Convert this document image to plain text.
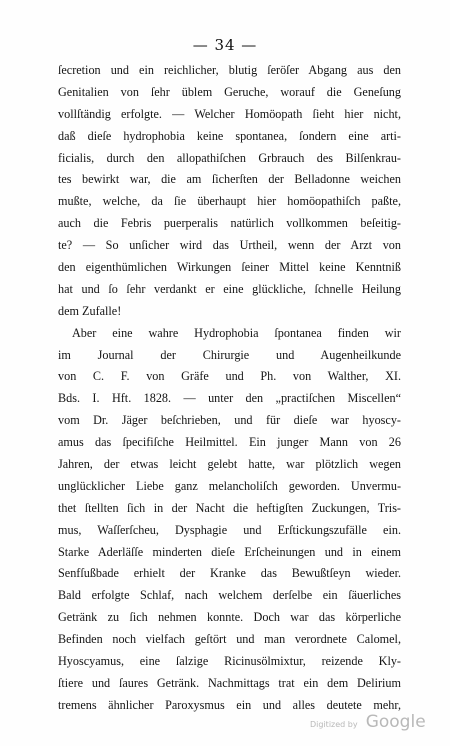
— 34 —
ſecretion und ein reichlicher, blutig ſeröſer Abgang aus den
Genitalien von ſehr üblem Geruche, worauf die Geneſung
vollſtändig erfolgte. — Welcher Homöopath ſieht hier nicht,
daß dieſe hydrophobia keine spontanea, ſondern eine arti-
ficialis, durch den allopathiſchen Grbrauch des Bilſenkrau-
tes bewirkt war, die am ſicherſten der Belladonne weichen
mußte, welche, da ſie überhaupt hier homöopathiſch paßte,
auch die Febris puerperalis natürlich vollkommen beſeitig-
te? — So unſicher wird das Urtheil, wenn der Arzt von
den eigenthümlichen Wirkungen ſeiner Mittel keine Kenntniß
hat und ſo ſehr verdankt er eine glückliche, ſchnelle Heilung
dem Zufalle!
Aber eine wahre Hydrophobia ſpontanea finden wir
im Journal der Chirurgie und Augenheilkunde
von C. F. von Gräfe und Ph. von Walther, XI.
Bds. I. Hft. 1828. — unter den „practiſchen Miscellen“
vom Dr. Jäger beſchrieben, und für dieſe war hyoscy-
amus das ſpecifiſche Heilmittel. Ein junger Mann von 26
Jahren, der etwas leicht gelebt hatte, war plötzlich wegen
unglücklicher Liebe ganz melancholiſch geworden. Unvermu-
thet ſtellten ſich in der Nacht die heftigſten Zuckungen, Tris-
mus, Waſſerſcheu, Dysphagie und Erſtickungszufälle ein.
Starke Aderläſſe minderten dieſe Erſcheinungen und in einem
Senfſußbade erhielt der Kranke das Bewußtſeyn wieder.
Bald erfolgte Schlaf, nach welchem derſelbe ein ſäuerliches
Getränk zu ſich nehmen konnte. Doch war das körperliche
Befinden noch vielfach geſtört und man verordnete Calomel,
Hyoscyamus, eine ſalzige Ricinusölmixtur, reizende Kly-
ſtiere und ſaures Getränk. Nachmittags trat ein dem Delirium
tremens ähnlicher Paroxysmus ein und alles deutete mehr,
Digitized by Google
